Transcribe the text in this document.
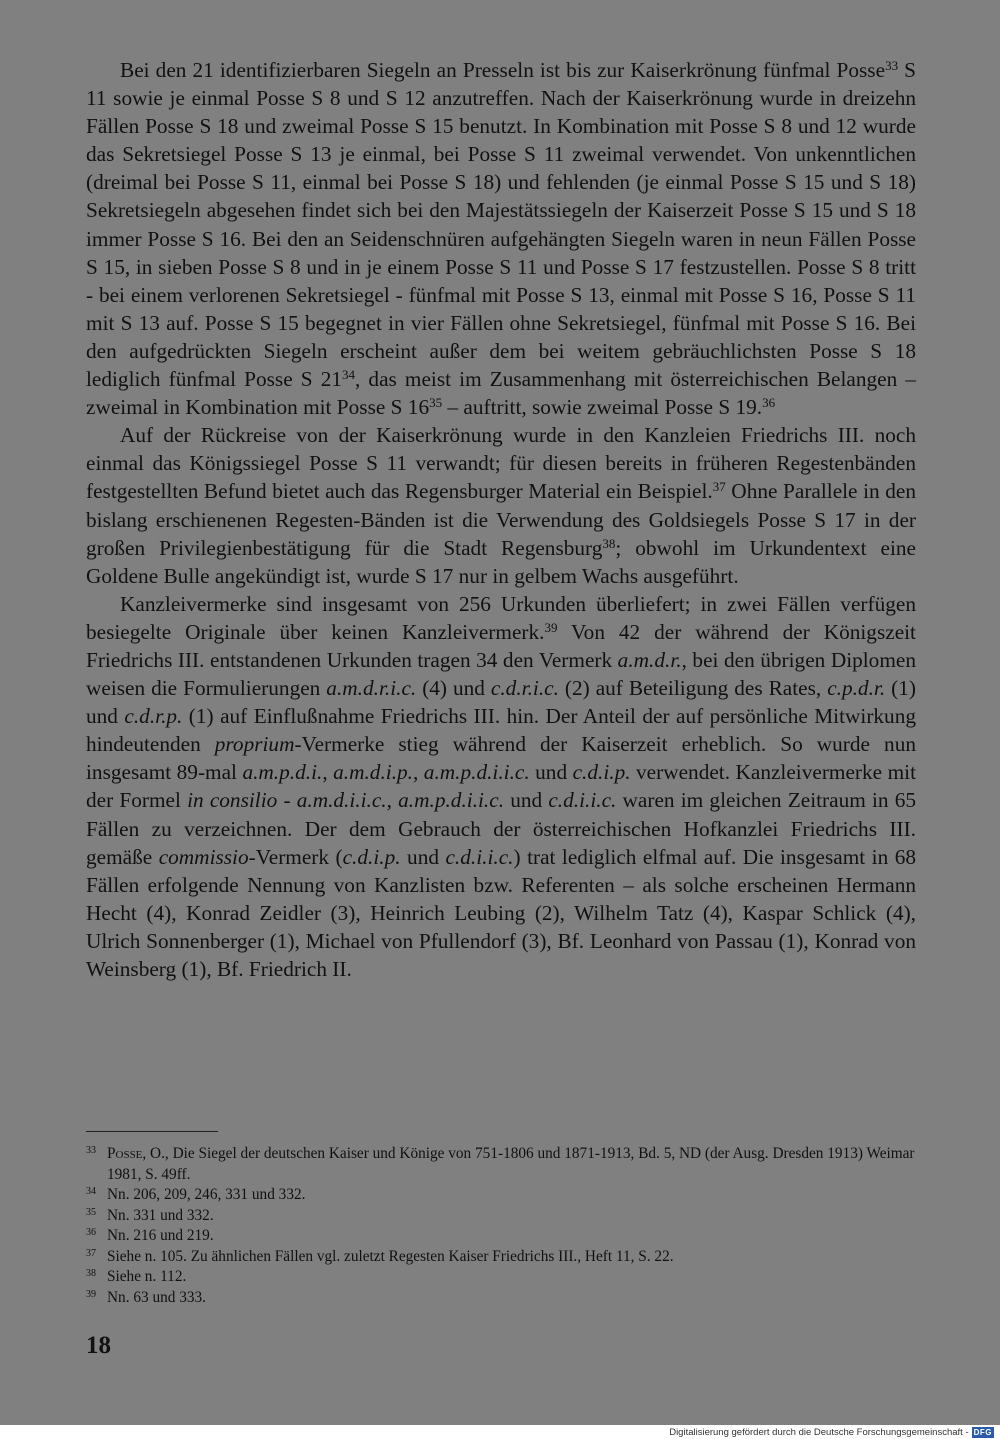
Bei den 21 identifizierbaren Siegeln an Presseln ist bis zur Kaiserkrönung fünfmal Posse$^{33}$ S 11 sowie je einmal Posse S 8 und S 12 anzutreffen. Nach der Kaiserkrönung wurde in dreizehn Fällen Posse S 18 und zweimal Posse S 15 benutzt. In Kombination mit Posse S 8 und 12 wurde das Sekretsiegel Posse S 13 je einmal, bei Posse S 11 zweimal verwendet. Von unkenntlichen (dreimal bei Posse S 11, einmal bei Posse S 18) und fehlenden (je einmal Posse S 15 und S 18) Sekretsiegeln abgesehen findet sich bei den Majestätssiegeln der Kaiserzeit Posse S 15 und S 18 immer Posse S 16. Bei den an Seidenschnüren aufgehängten Siegeln waren in neun Fällen Posse S 15, in sieben Posse S 8 und in je einem Posse S 11 und Posse S 17 festzustellen. Posse S 8 tritt - bei einem verlorenen Sekretsiegel - fünfmal mit Posse S 13, einmal mit Posse S 16, Posse S 11 mit S 13 auf. Posse S 15 begegnet in vier Fällen ohne Sekretsiegel, fünfmal mit Posse S 16. Bei den aufgedrückten Siegeln erscheint außer dem bei weitem gebräuchlichsten Posse S 18 lediglich fünfmal Posse S $21^{34}$, das meist im Zusammenhang mit österreichischen Belangen – zweimal in Kombination mit Posse S $16^{35}$ – auftritt, sowie zweimal Posse S 19.36

Auf der Rückreise von der Kaiserkrönung wurde in den Kanzleien Friedrichs III. noch einmal das Königssiegel Posse S 11 verwandt; für diesen bereits in früheren Regestenbänden festgestellten Befund bietet auch das Regensburger Material ein Beispiel.$^{37}$ Ohne Parallele in den bislang erschienenen Regesten-Bänden ist die Verwendung des Goldsiegels Posse S 17 in der großen Privilegienbestätigung für die Stadt Regensburg$^{38}$; obwohl im Urkundentext eine Goldene Bulle angekündigt ist, wurde S 17 nur in gelbem Wachs ausgeführt.

Kanzleivermerke sind insgesamt von 256 Urkunden überliefert; in zwei Fällen verfügen besiegelte Originale über keinen Kanzleivermerk.$^{39}$ Von 42 der während der Königszeit Friedrichs III. entstandenen Urkunden tragen 34 den Vermerk a.m.d.r., bei den übrigen Diplomen weisen die Formulierungen a.m.d.r.i.c. (4) und c.d.r.i.c. (2) auf Beteiligung des Rates, c.p.d.r. (1) und c.d.r.p. (1) auf Einflußnahme Friedrichs III. hin. Der Anteil der auf persönliche Mitwirkung hindeutenden proprium-Vermerke stieg während der Kaiserzeit erheblich. So wurde nun insgesamt 89-mal a.m.p.d.i., a.m.d.i.p., a.m.p.d.i.i.c. und c.d.i.p. verwendet. Kanzleivermerke mit der Formel in consilio - a.m.d.i.i.c., a.m.p.d.i.i.c. und c.d.i.i.c. waren im gleichen Zeitraum in 65 Fällen zu verzeichnen. Der dem Gebrauch der österreichischen Hofkanzlei Friedrichs III. gemäße commissio-Vermerk (c.d.i.p. und c.d.i.i.c.) trat lediglich elfmal auf. Die insgesamt in 68 Fällen erfolgende Nennung von Kanzlisten bzw. Referenten – als solche erscheinen Hermann Hecht (4), Konrad Zeidler (3), Heinrich Leubing (2), Wilhelm Tatz (4), Kaspar Schlick (4), Ulrich Sonnenberger (1), Michael von Pfullendorf (3), Bf. Leonhard von Passau (1), Konrad von Weinsberg (1), Bf. Friedrich II.

33 Posse, O., Die Siegel der deutschen Kaiser und Könige von 751-1806 und 1871-1913, Bd. 5, ND (der Ausg. Dresden 1913) Weimar 1981, S. 49ff.
34 Nn. 206, 209, 246, 331 und 332.
35 Nn. 331 und 332.
36 Nn. 216 und 219.
37 Siehe n. 105. Zu ähnlichen Fällen vgl. zuletzt Regesten Kaiser Friedrichs III., Heft 11, S. 22.
38 Siehe n. 112.
39 Nn. 63 und 333.
18
Digitalisierung gefördert durch die Deutsche Forschungsgemeinschaft - DFG
